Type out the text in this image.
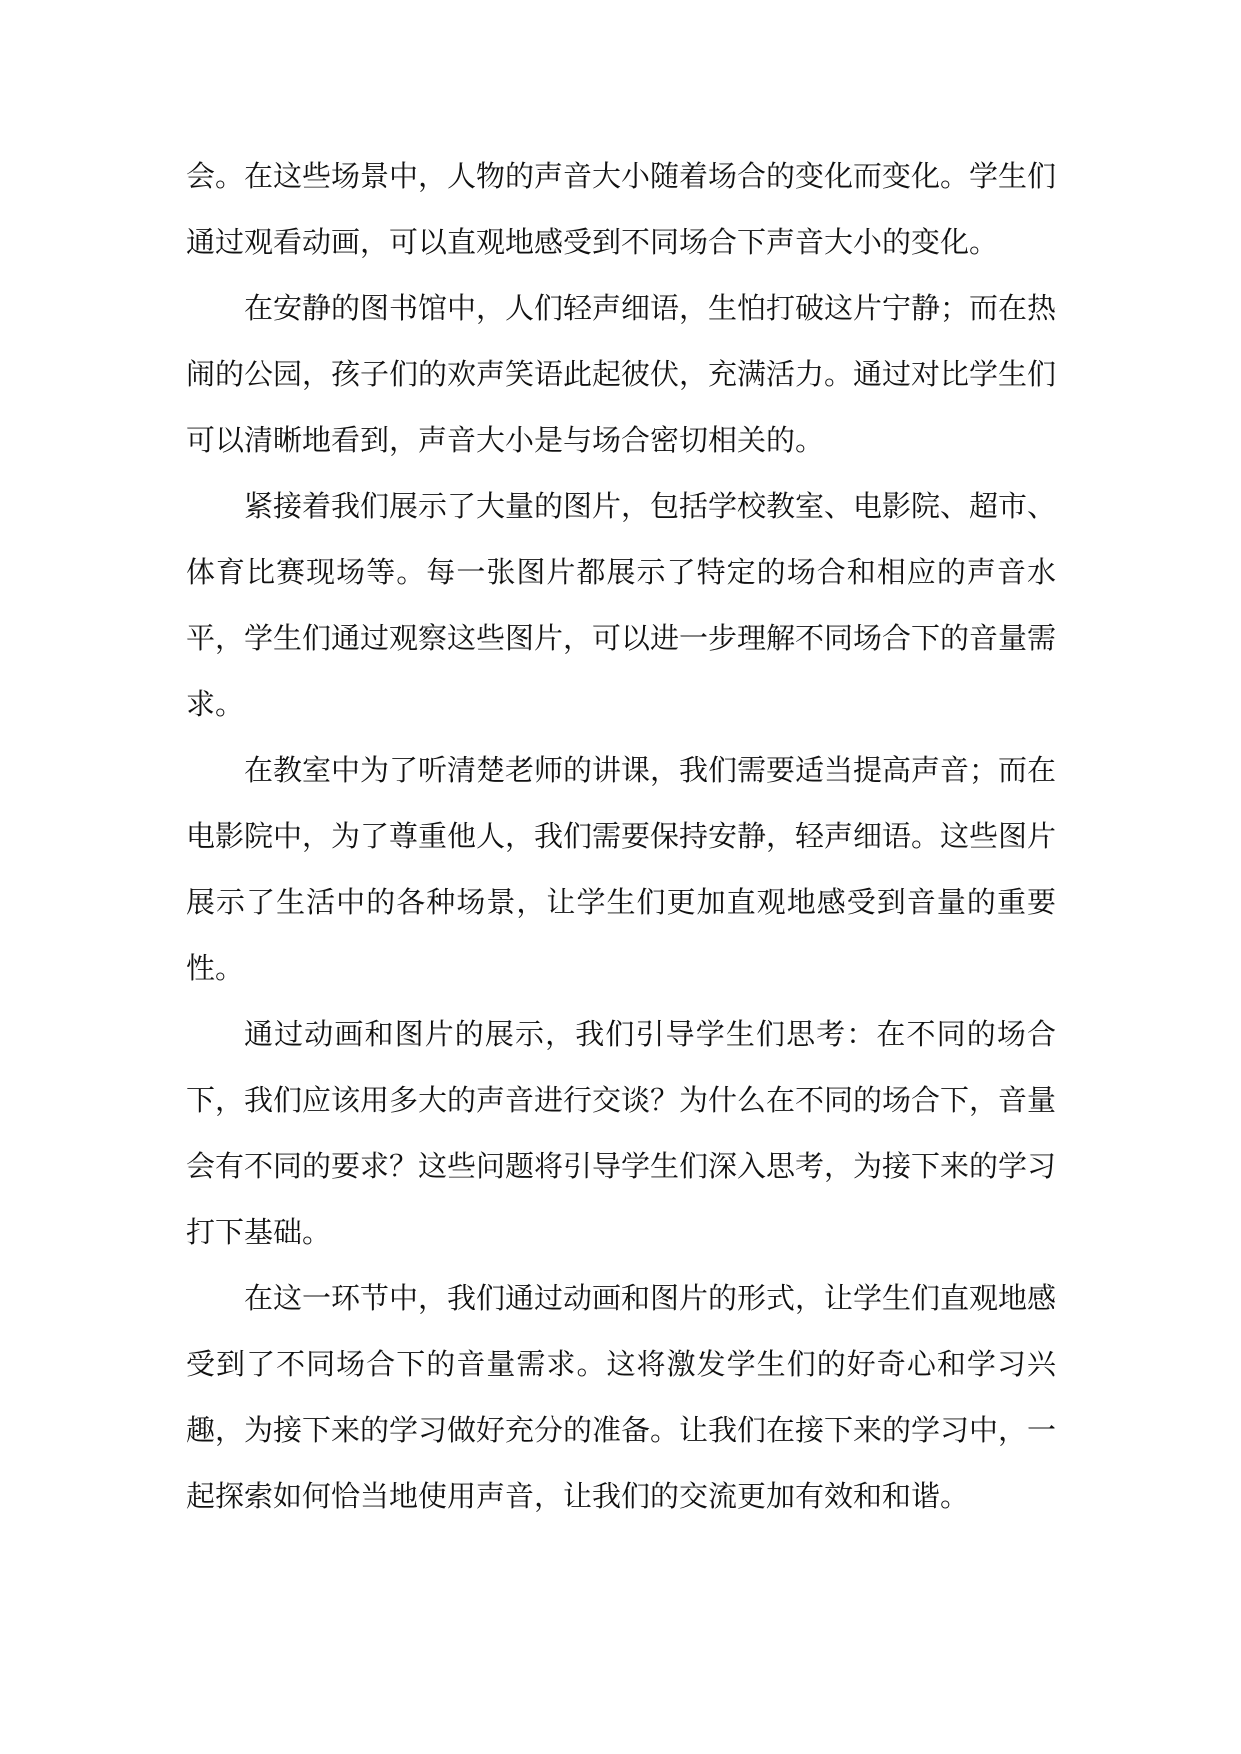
会。在这些场景中，人物的声音大小随着场合的变化而变化。学生们通过观看动画，可以直观地感受到不同场合下声音大小的变化。

在安静的图书馆中，人们轻声细语，生怕打破这片宁静；而在热闹的公园，孩子们的欢声笑语此起彼伏，充满活力。通过对比学生们可以清晰地看到，声音大小是与场合密切相关的。

紧接着我们展示了大量的图片，包括学校教室、电影院、超市、体育比赛现场等。每一张图片都展示了特定的场合和相应的声音水平，学生们通过观察这些图片，可以进一步理解不同场合下的音量需求。

在教室中为了听清楚老师的讲课，我们需要适当提高声音；而在电影院中，为了尊重他人，我们需要保持安静，轻声细语。这些图片展示了生活中的各种场景，让学生们更加直观地感受到音量的重要性。

通过动画和图片的展示，我们引导学生们思考：在不同的场合下，我们应该用多大的声音进行交谈？为什么在不同的场合下，音量会有不同的要求？这些问题将引导学生们深入思考，为接下来的学习打下基础。

在这一环节中，我们通过动画和图片的形式，让学生们直观地感受到了不同场合下的音量需求。这将激发学生们的好奇心和学习兴趣，为接下来的学习做好充分的准备。让我们在接下来的学习中，一起探索如何恰当地使用声音，让我们的交流更加有效和和谐。
